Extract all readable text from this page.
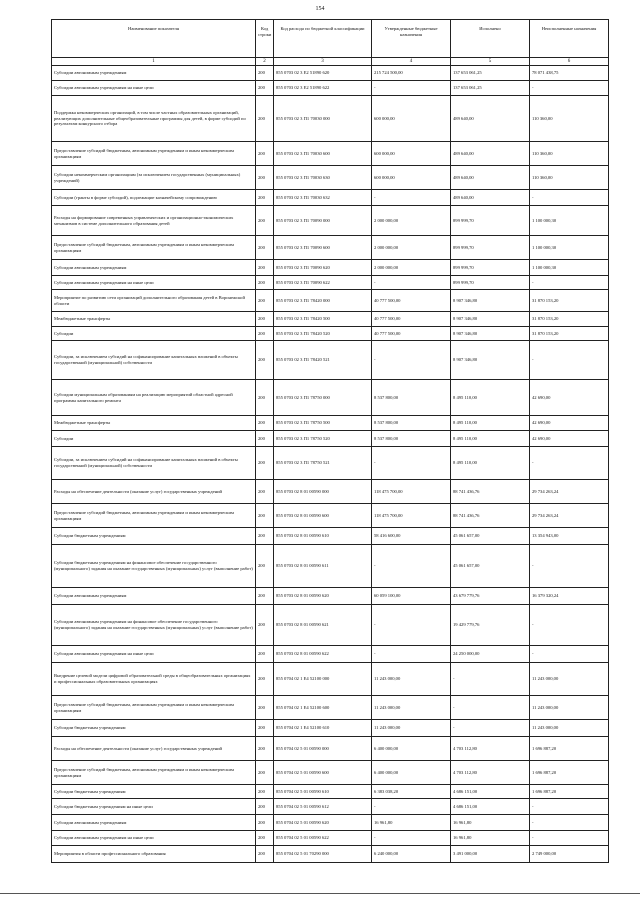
154
Наименование показателя	Код строки	Код расхода по бюджетной классификации	Утвержденные бюджетные назначения	Исполнено	Неисполненные назначения
1	2	3	4	5	6
Субсидии автономным учреждениям	200	855 0703 02 3 E2 51890 620	215 724 500,00	137 653 061,25	78 071 438,75
Субсидии автономным учреждениям на иные цели	200	855 0703 02 3 E2 51890 622	-	137 653 061,25	-
Поддержка некоммерческих организаций, в том числе частных образовательных организаций, реализующих дополнительные общеобразовательные программы для детей, в форме субсидий по результатам конкурсного отбора	200	855 0703 02 3 П1 70030 000	600 000,00	489 640,00	110 360,00
Предоставление субсидий бюджетным, автономным учреждениям и иным некоммерческим организациям	200	855 0703 02 3 П1 70030 600	600 000,00	489 640,00	110 360,00
Субсидии некоммерческим организациям (за исключением государственных (муниципальных) учреждений)	200	855 0703 02 3 П1 70030 630	600 000,00	489 640,00	110 360,00
Субсидии (гранты в форме субсидий), подлежащие казначейскому сопровождению	200	855 0703 02 3 П1 70030 632	-	489 640,00	-
Расходы на формирование современных управленческих и организационно-экономических механизмов в системе дополнительного образования детей	200	855 0703 02 3 П1 70090 000	2 000 000,00	899 999,70	1 100 000,30
Предоставление субсидий бюджетным, автономным учреждениям и иным некоммерческим организациям	200	855 0703 02 3 П1 70090 600	2 000 000,00	899 999,70	1 100 000,30
Субсидии автономным учреждениям	200	855 0703 02 3 П1 70090 620	2 000 000,00	899 999,70	1 100 000,30
Субсидии автономным учреждениям на иные цели	200	855 0703 02 3 П1 70090 622	-	899 999,70	-
Мероприятие по развитию сети организаций дополнительного образования детей в Воронежской области	200	855 0703 02 3 П1 78420 000	40 777 500,00	8 907 346,80	31 870 153,20
Межбюджетные трансферты	200	855 0703 02 3 П1 78420 500	40 777 500,00	8 907 346,80	31 870 153,20
Субсидии	200	855 0703 02 3 П1 78420 520	40 777 500,00	8 907 346,80	31 870 153,20
Субсидии, за исключением субсидий на софинансирование капитальных вложений в объекты государственной (муниципальной) собственности	200	855 0703 02 3 П1 78420 521	-	8 907 346,80	-
Субсидии муниципальным образованиям на реализацию мероприятий областной адресной программы капитального ремонта	200	855 0703 02 3 П1 78750 000	8 537 800,00	8 495 110,00	42 690,00
Межбюджетные трансферты	200	855 0703 02 3 П1 78750 500	8 537 800,00	8 495 110,00	42 690,00
Субсидии	200	855 0703 02 3 П1 78750 520	8 537 800,00	8 495 110,00	42 690,00
Субсидии, за исключением субсидий на софинансирование капитальных вложений в объекты государственной (муниципальной) собственности	200	855 0703 02 3 П1 78750 521	-	8 495 110,00	-
Расходы на обеспечение деятельности (оказание услуг) государственных учреждений	200	855 0703 02 8 01 00590 000	118 475 700,00	88 741 436,76	29 734 263,24
Предоставление субсидий бюджетным, автономным учреждениям и иным некоммерческим организациям	200	855 0703 02 8 01 00590 600	118 475 700,00	88 741 436,76	29 734 263,24
Субсидии бюджетным учреждениям	200	855 0703 02 8 01 00590 610	58 416 600,00	45 061 657,00	13 354 943,00
Субсидии бюджетным учреждениям на финансовое обеспечение государственного (муниципального) задания на оказание государственных (муниципальных) услуг (выполнение работ)	200	855 0703 02 8 01 00590 611	-	45 061 657,00	-
Субсидии автономным учреждениям	200	855 0703 02 8 01 00590 620	60 059 100,00	43 679 779,76	16 379 320,24
Субсидии автономным учреждениям на финансовое обеспечение государственного (муниципального) задания на оказание государственных (муниципальных) услуг (выполнение работ)	200	855 0703 02 8 01 00590 621	-	19 429 779,76	-
Субсидии автономным учреждениям на иные цели	200	855 0703 02 8 01 00590 622	-	24 250 000,00	-
Внедрение целевой модели цифровой образовательной среды в общеобразовательных организациях и профессиональных образовательных организациях	200	855 0704 02 1 E4 52100 000	11 243 000,00	-	11 243 000,00
Предоставление субсидий бюджетным, автономным учреждениям и иным некоммерческим организациям	200	855 0704 02 1 E4 52100 600	11 243 000,00	-	11 243 000,00
Субсидии бюджетным учреждениям	200	855 0704 02 1 E4 52100 610	11 243 000,00	-	11 243 000,00
Расходы на обеспечение деятельности (оказание услуг) государственных учреждений	200	855 0704 02 5 01 00590 000	6 400 000,00	4 703 112,80	1 696 887,20
Предоставление субсидий бюджетным, автономным учреждениям и иным некоммерческим организациям	200	855 0704 02 5 01 00590 600	6 400 000,00	4 703 112,80	1 696 887,20
Субсидии бюджетным учреждениям	200	855 0704 02 5 01 00590 610	6 383 038,20	4 686 151,00	1 696 887,20
Субсидии бюджетным учреждениям на иные цели	200	855 0704 02 5 01 00590 612	-	4 686 151,00	-
Субсидии автономным учреждениям	200	855 0704 02 5 01 00590 620	16 961,80	16 961,80	-
Субсидии автономным учреждениям на иные цели	200	855 0704 02 5 01 00590 622	-	16 961,80	-
Мероприятия в области профессионального образования	200	855 0704 02 5 01 70290 000	6 240 000,00	3 491 000,00	2 749 000,00
